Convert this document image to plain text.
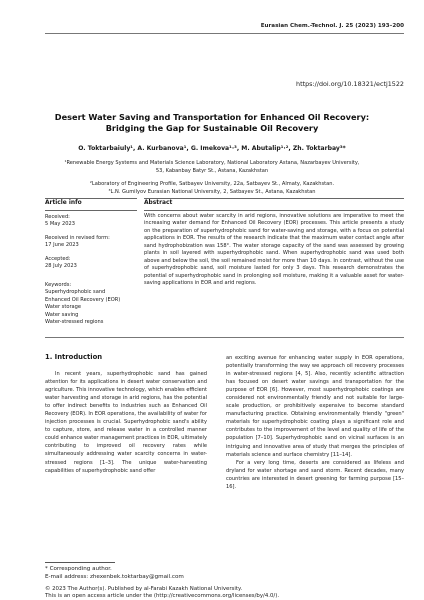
Eurasian Chem.-Technol. J. 25 (2023) 193–200
https://doi.org/10.18321/ectj1522
Desert Water Saving and Transportation for Enhanced Oil Recovery:
Bridging the Gap for Sustainable Oil Recovery
O. Toktarbaiuly¹, A. Kurbanova¹, G. Imekova¹·³, M. Abutalip¹·², Zh. Toktarbay³*
¹Renewable Energy Systems and Materials Science Laboratory, National Laboratory Astana, Nazarbayev University,
53, Kabanbay Batyr St., Astana, Kazakhstan
²Laboratory of Engineering Profile, Satbayev University, 22a, Satbayev St., Almaty, Kazakhstan.
³L.N. Gumilyov Eurasian National University, 2, Satbayev St., Astana, Kazakhstan
Article info	Abstract
Received:
5 May 2023
Received in revised form:
17 June 2023
Accepted:
28 July 2023
Keywords:
Superhydrophobic sand
Enhanced Oil Recovery (EOR)
Water storage
Water saving
Water-stressed regions
With concerns about water scarcity in arid regions, innovative solutions are imperative to meet the increasing water demand for Enhanced Oil Recovery (EOR) processes. This article presents a study on the preparation of superhydrophobic sand for water-saving and storage, with a focus on potential applications in EOR. The results of the research indicate that the maximum water contact angle after sand hydrophobization was 158°. The water storage capacity of the sand was assessed by growing plants in soil layered with superhydrophobic sand. When superhydrophobic sand was used both above and below the soil, the soil remained moist for more than 10 days. In contrast, without the use of superhydrophobic sand, soil moisture lasted for only 3 days. This research demonstrates the potential of superhydrophobic sand in prolonging soil moisture, making it a valuable asset for water-saving applications in EOR and arid regions.
1. Introduction
In recent years, superhydrophobic sand has gained attention for its applications in desert water conservation and agriculture. This innovative technology, which enables efficient water harvesting and storage in arid regions, has the potential to offer indirect benefits to industries such as Enhanced Oil Recovery (EOR). In EOR operations, the availability of water for injection processes is crucial. Superhydrophobic sand's ability to capture, store, and release water in a controlled manner could enhance water management practices in EOR, ultimately contributing to improved oil recovery rates while simultaneously addressing water scarcity concerns in water-stressed regions [1–3]. The unique water-harvesting capabilities of superhydrophobic sand offer
an exciting avenue for enhancing water supply in EOR operations, potentially transforming the way we approach oil recovery processes in water-stressed regions [4, 5]. Also, recently scientific attraction has focused on desert water savings and transportation for the purpose of EOR [6]. However, most superhydrophobic coatings are considered not environmentally friendly and not suitable for large-scale production, or prohibitively expensive to become standard manufacturing practice. Obtaining environmentally friendly "green" materials for superhydrophobic coating plays a significant role and contributes to the improvement of the level and quality of life of the population [7–10]. Superhydrophobic sand on vicinal surfaces is an intriguing and innovative area of study that merges the principles of materials science and surface chemistry [11–14].
For a very long time, deserts are considered as lifeless and dryland for water shortage and sand storm. Recent decades, many countries are interested in desert greening for farming purpose [15–16].
* Corresponding author.
E-mail address: zhexenbek.toktarbay@gmail.com
© 2023 The Author(s). Published by al-Farabi Kazakh National University.
This is an open access article under the (http://creativecommons.org/licenses/by/4.0/).
